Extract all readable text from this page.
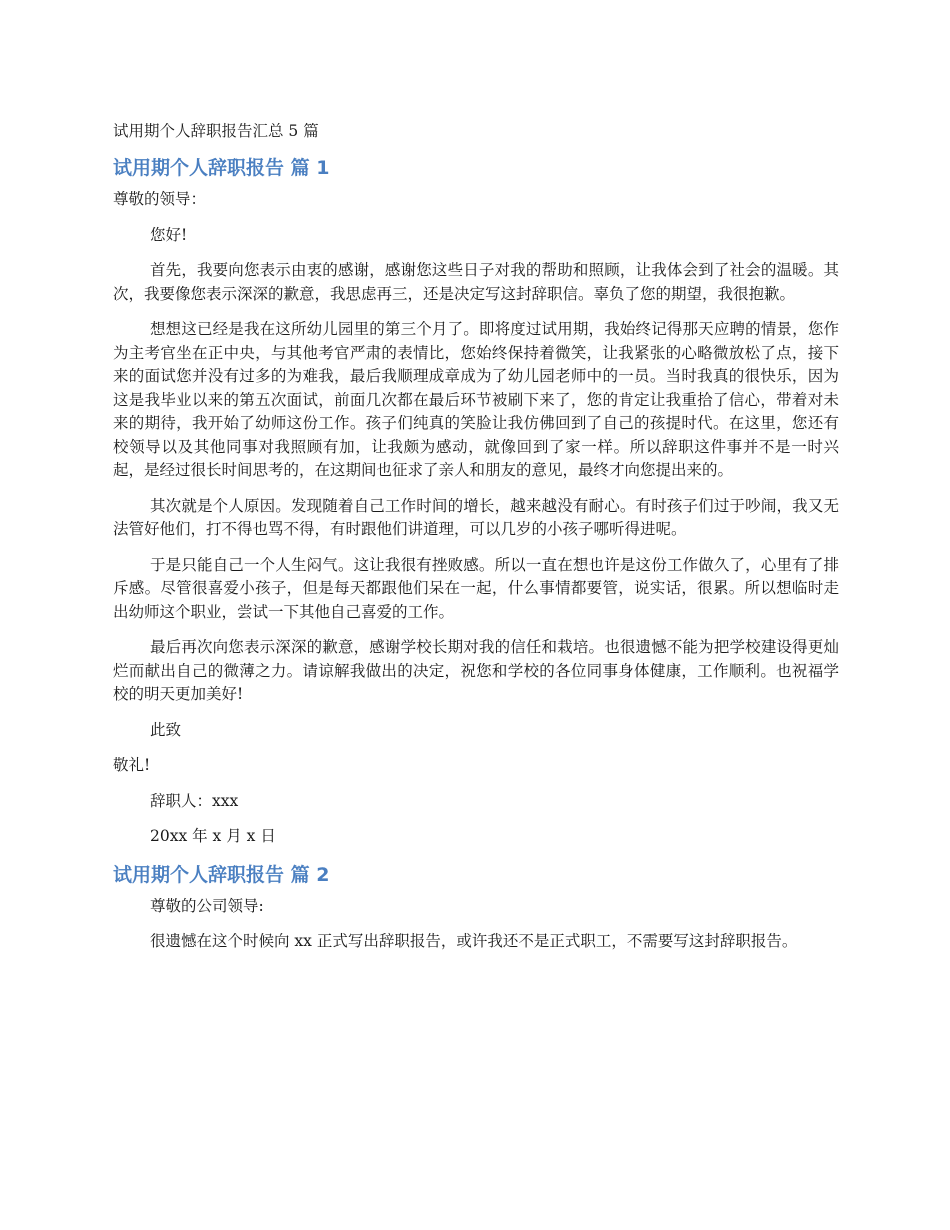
试用期个人辞职报告汇总 5 篇
试用期个人辞职报告 篇 1

尊敬的领导：

您好!

首先，我要向您表示由衷的感谢，感谢您这些日子对我的帮助和照顾，让我体会到了社会的温暖。其次，我要像您表示深深的歉意，我思虑再三，还是决定写这封辞职信。辜负了您的期望，我很抱歉。

想想这已经是我在这所幼儿园里的第三个月了。即将度过试用期，我始终记得那天应聘的情景，您作为主考官坐在正中央，与其他考官严肃的表情比，您始终保持着微笑，让我紧张的心略微放松了点，接下来的面试您并没有过多的为难我，最后我顺理成章成为了幼儿园老师中的一员。当时我真的很快乐，因为这是我毕业以来的第五次面试，前面几次都在最后环节被刷下来了，您的肯定让我重拾了信心，带着对未来的期待，我开始了幼师这份工作。孩子们纯真的笑脸让我仿佛回到了自己的孩提时代。在这里，您还有校领导以及其他同事对我照顾有加，让我颇为感动，就像回到了家一样。所以辞职这件事并不是一时兴起，是经过很长时间思考的，在这期间也征求了亲人和朋友的意见，最终才向您提出来的。

其次就是个人原因。发现随着自己工作时间的增长，越来越没有耐心。有时孩子们过于吵闹，我又无法管好他们，打不得也骂不得，有时跟他们讲道理，可以几岁的小孩子哪听得进呢。

于是只能自己一个人生闷气。这让我很有挫败感。所以一直在想也许是这份工作做久了，心里有了排斥感。尽管很喜爱小孩子，但是每天都跟他们呆在一起，什么事情都要管，说实话，很累。所以想临时走出幼师这个职业，尝试一下其他自己喜爱的工作。

最后再次向您表示深深的歉意，感谢学校长期对我的信任和栽培。也很遗憾不能为把学校建设得更灿烂而献出自己的微薄之力。请谅解我做出的决定，祝您和学校的各位同事身体健康，工作顺利。也祝福学校的明天更加美好!

此致

敬礼!

辞职人：xxx

20xx 年 x 月 x 日

试用期个人辞职报告 篇 2

尊敬的公司领导:

很遗憾在这个时候向 xx 正式写出辞职报告，或许我还不是正式职工，不需要写这封辞职报告。
